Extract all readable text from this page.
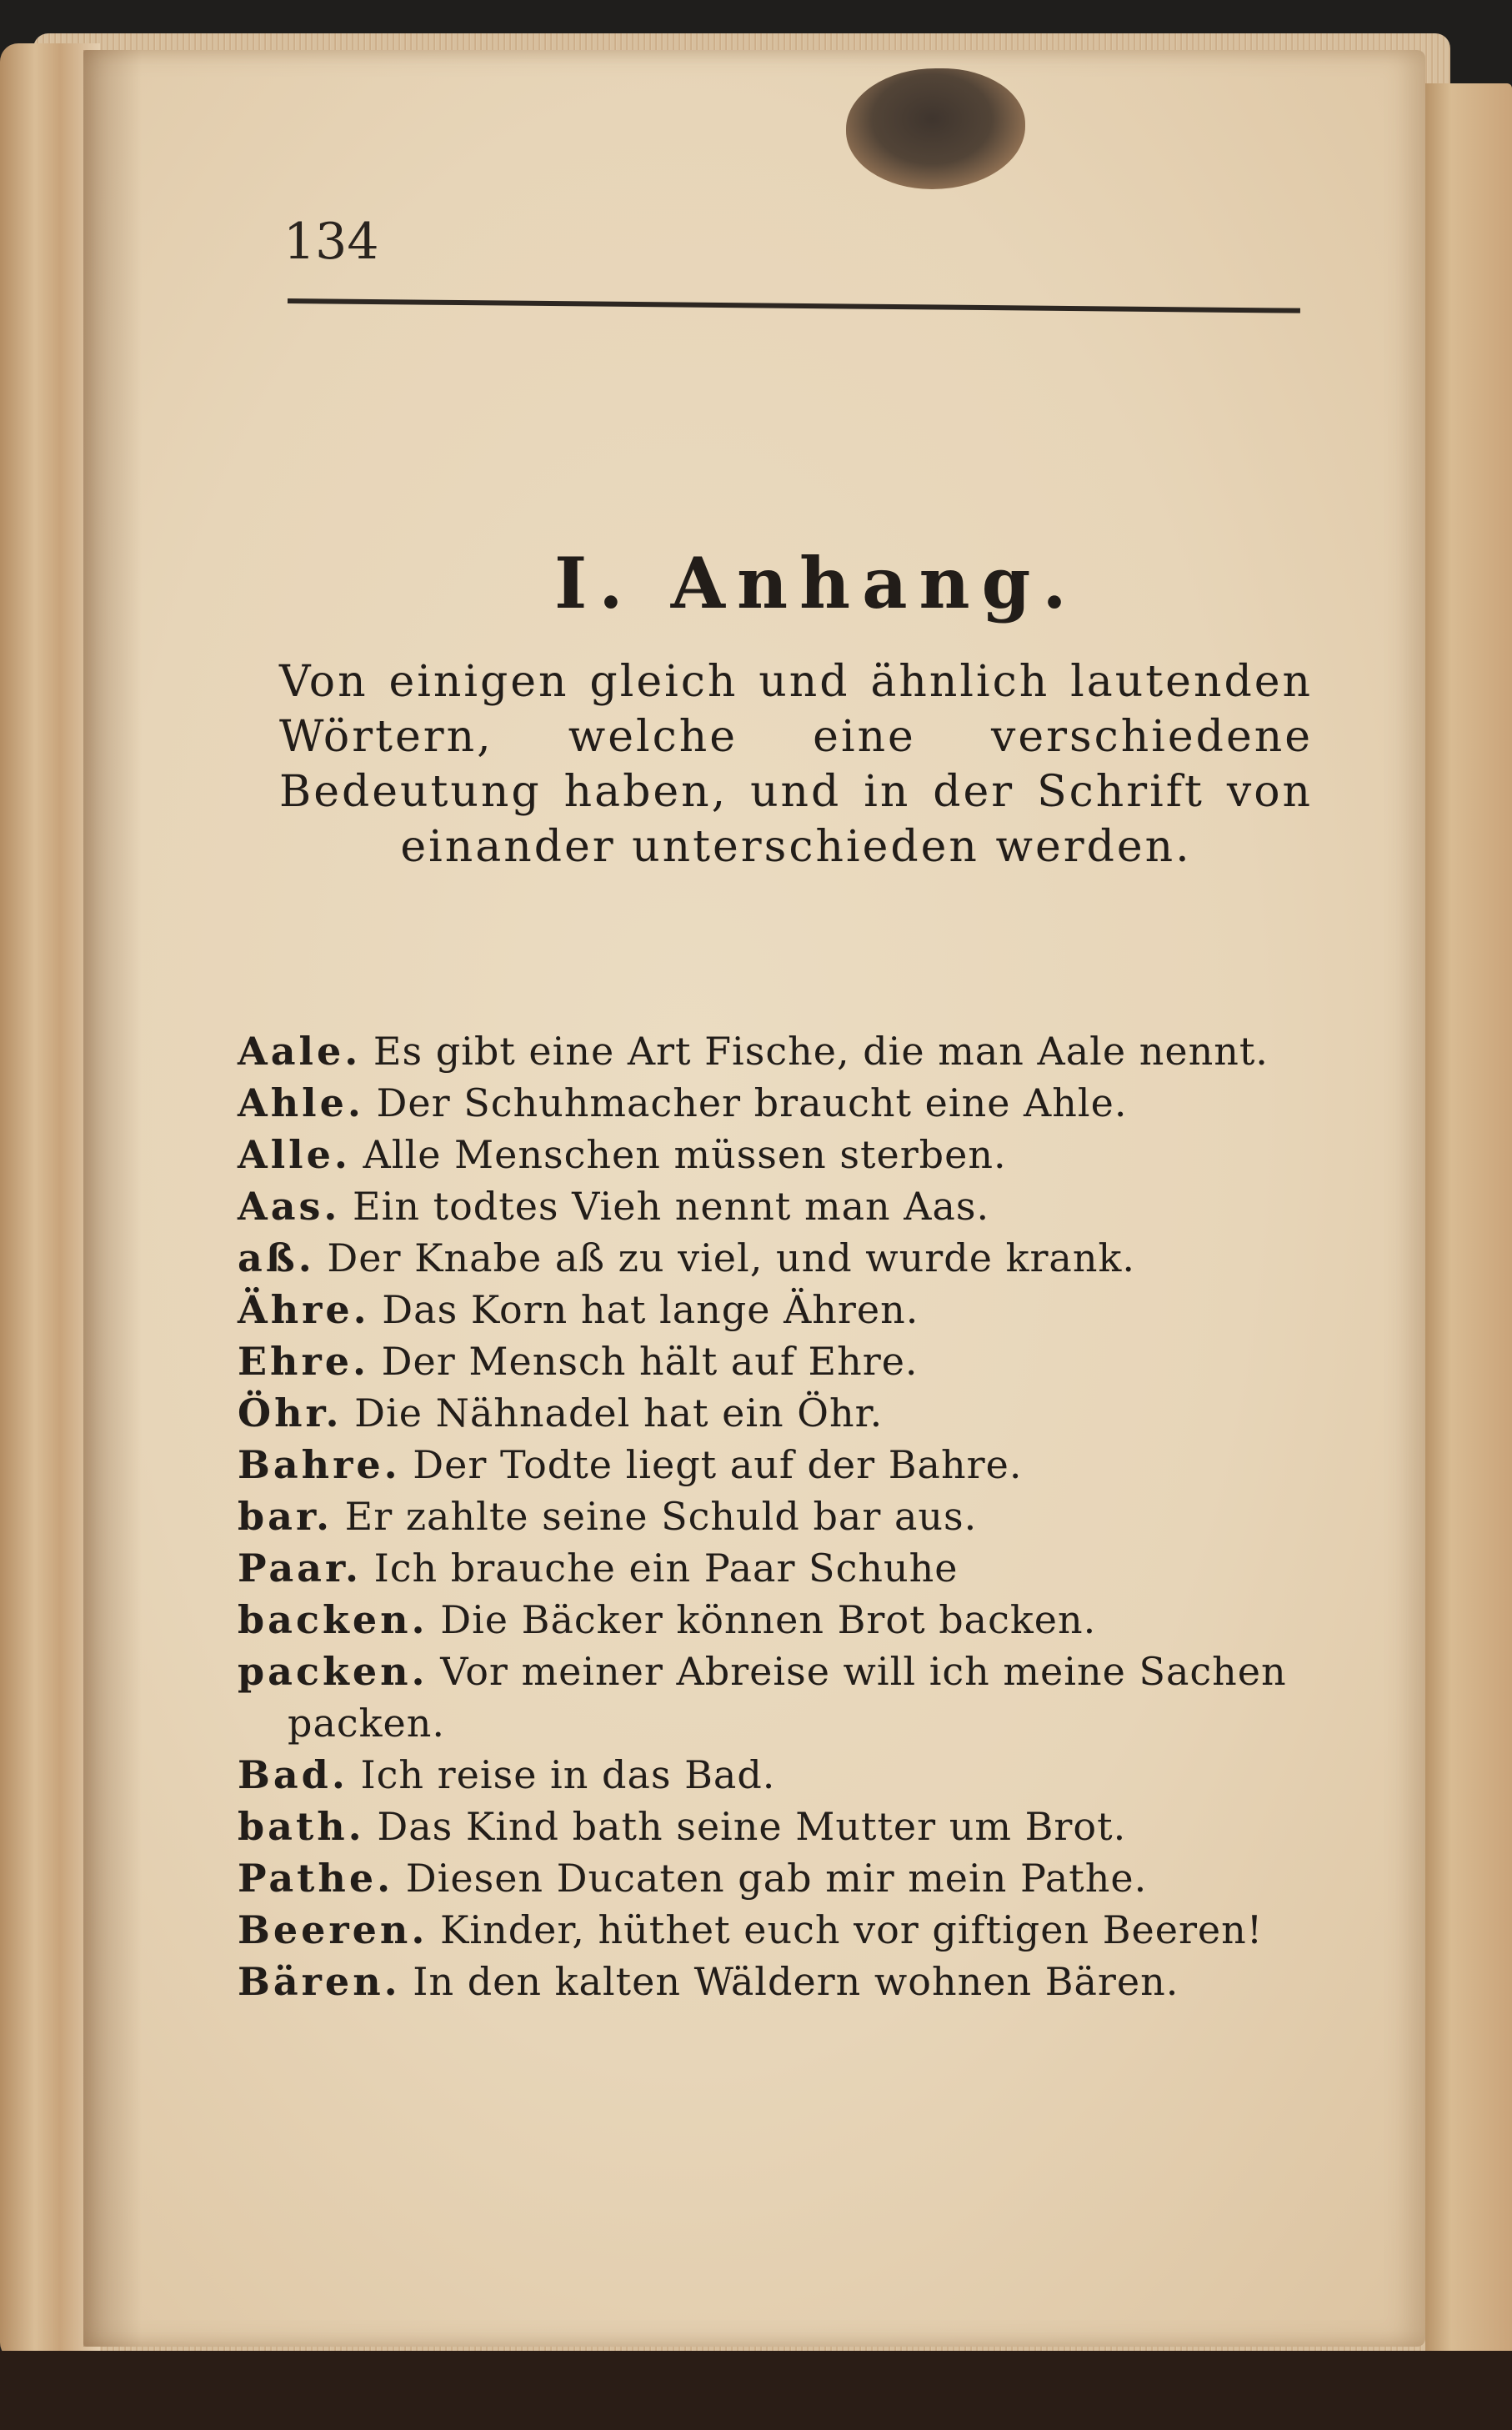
134

I. Anhang.

Von einigen gleich und ähnlich lautenden Wörtern, welche eine verschiedene Bedeutung haben, und in der Schrift von einander unterschieden werden.

Aale. Es gibt eine Art Fische, die man Aale nennt.
Ahle. Der Schuhmacher braucht eine Ahle.
Alle. Alle Menschen müssen sterben.
Aas. Ein todtes Vieh nennt man Aas.
aß. Der Knabe aß zu viel, und wurde krank.
Ähre. Das Korn hat lange Ähren.
Ehre. Der Mensch hält auf Ehre.
Öhr. Die Nähnadel hat ein Öhr.
Bahre. Der Todte liegt auf der Bahre.
bar. Er zahlte seine Schuld bar aus.
Paar. Ich brauche ein Paar Schuhe
backen. Die Bäcker können Brot backen.
packen. Vor meiner Abreise will ich meine Sachen packen.
Bad. Ich reise in das Bad.
bath. Das Kind bath seine Mutter um Brot.
Pathe. Diesen Ducaten gab mir mein Pathe.
Beeren. Kinder, hüthet euch vor giftigen Beeren!
Bären. In den kalten Wäldern wohnen Bären.
